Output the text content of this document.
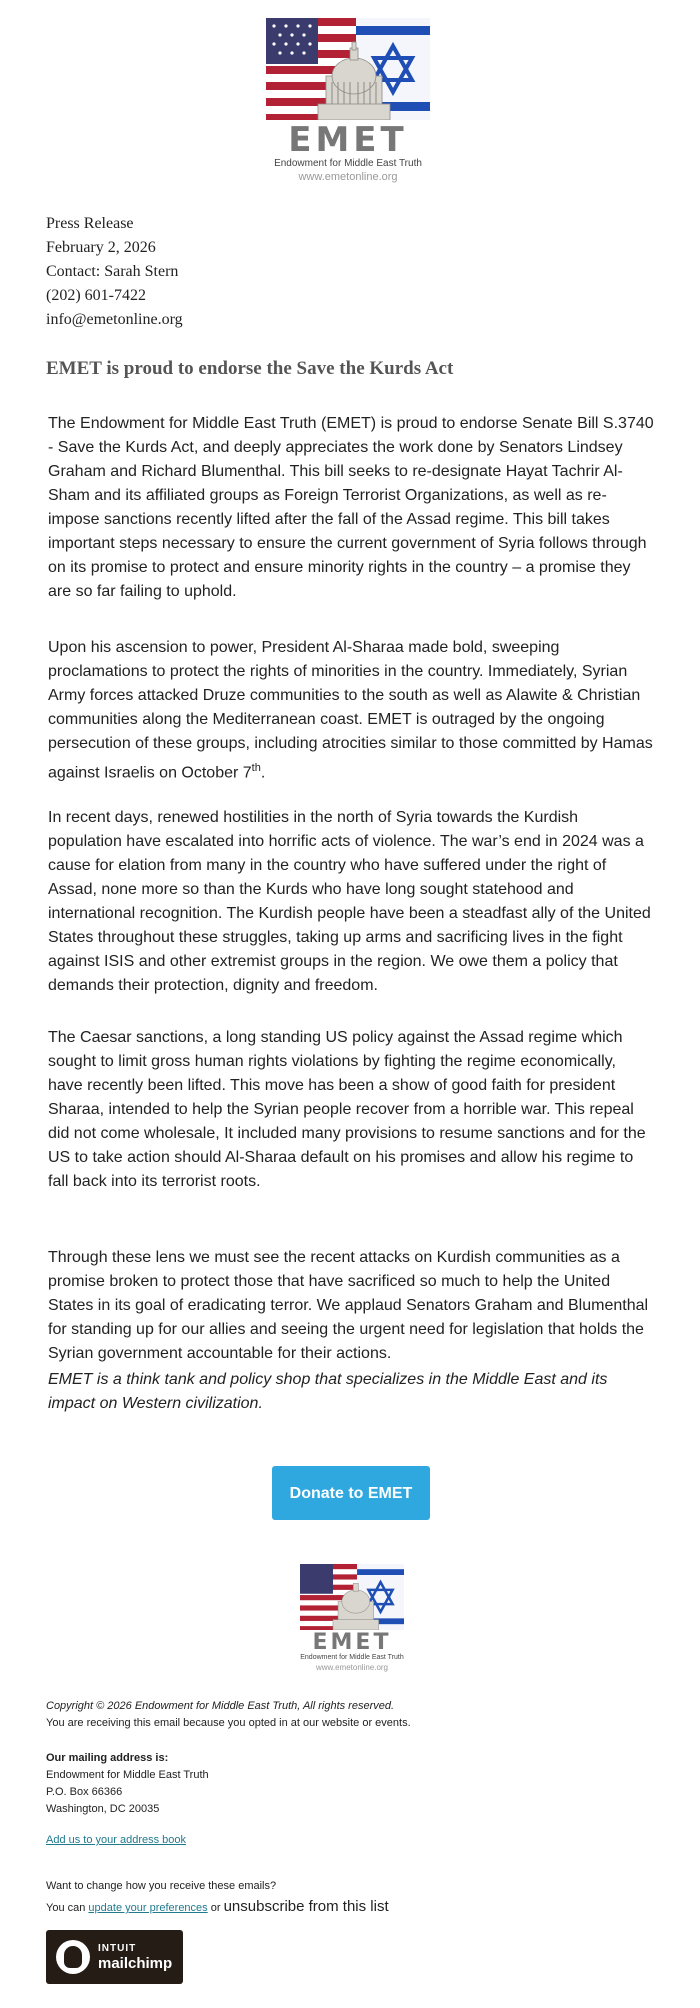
EMET
Endowment for Middle East Truth
www.emetonline.org
Press Release
February 2, 2026
Contact: Sarah Stern
(202) 601-7422
info@emetonline.org
EMET is proud to endorse the Save the Kurds Act

The Endowment for Middle East Truth (EMET) is proud to endorse Senate Bill S.3740 - Save the Kurds Act, and deeply appreciates the work done by Senators Lindsey Graham and Richard Blumenthal. This bill seeks to re-designate Hayat Tachrir Al-Sham and its affiliated groups as Foreign Terrorist Organizations, as well as re-impose sanctions recently lifted after the fall of the Assad regime. This bill takes important steps necessary to ensure the current government of Syria follows through on its promise to protect and ensure minority rights in the country – a promise they are so far failing to uphold.

Upon his ascension to power, President Al-Sharaa made bold, sweeping proclamations to protect the rights of minorities in the country. Immediately, Syrian Army forces attacked Druze communities to the south as well as Alawite & Christian communities along the Mediterranean coast. EMET is outraged by the ongoing persecution of these groups, including atrocities similar to those committed by Hamas against Israelis on October 7th.

In recent days, renewed hostilities in the north of Syria towards the Kurdish population have escalated into horrific acts of violence. The war’s end in 2024 was a cause for elation from many in the country who have suffered under the right of Assad, none more so than the Kurds who have long sought statehood and international recognition. The Kurdish people have been a steadfast ally of the United States throughout these struggles, taking up arms and sacrificing lives in the fight against ISIS and other extremist groups in the region. We owe them a policy that demands their protection, dignity and freedom.

The Caesar sanctions, a long standing US policy against the Assad regime which sought to limit gross human rights violations by fighting the regime economically, have recently been lifted. This move has been a show of good faith for president Sharaa, intended to help the Syrian people recover from a horrible war. This repeal did not come wholesale, It included many provisions to resume sanctions and for the US to take action should Al-Sharaa default on his promises and allow his regime to fall back into its terrorist roots.

Through these lens we must see the recent attacks on Kurdish communities as a promise broken to protect those that have sacrificed so much to help the United States in its goal of eradicating terror. We applaud Senators Graham and Blumenthal for standing up for our allies and seeing the urgent need for legislation that holds the Syrian government accountable for their actions.

EMET is a think tank and policy shop that specializes in the Middle East and its impact on Western civilization.

Donate to EMET
EMET
Endowment for Middle East Truth
www.emetonline.org
Copyright © 2026 Endowment for Middle East Truth, All rights reserved.
You are receiving this email because you opted in at our website or events.
Our mailing address is:
Endowment for Middle East Truth
P.O. Box 66366
Washington, DC 20035
Add us to your address book
Want to change how you receive these emails?
You can update your preferences or unsubscribe from this list
INTUIT
mailchimp
